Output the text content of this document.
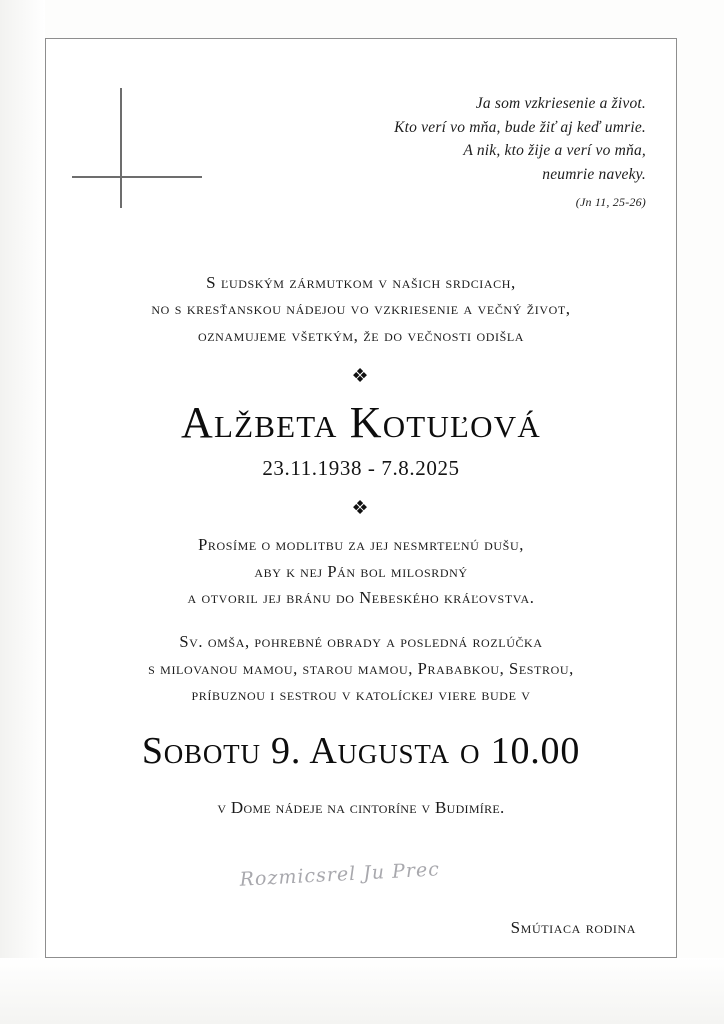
Ja som vzkriesenie a život.
Kto verí vo mňa, bude žiť aj keď umrie.
A nik, kto žije a verí vo mňa,
neumrie naveky.
(Jn 11, 25-26)
S ľudským zármutkom v našich srdciach,
no s kresťanskou nádejou vo vzkriesenie a večný život,
oznamujeme všetkým, že do večnosti odišla
❖
Alžbeta Kotuľová
23.11.1938 - 7.8.2025
❖
Prosíme o modlitbu za jej nesmrteľnú dušu,
aby k nej Pán bol milosrdný
a otvoril jej bránu do Nebeského kráľovstva.
Sv. omša, pohrebné obrady a posledná rozlúčka
s milovanou mamou, starou mamou, Prababkou, Sestrou,
príbuznou i sestrou v katolíckej viere bude v
Sobotu 9. Augusta o 10.00
v Dome nádeje na cintoríne v Budimíre.
Rozmicsrel Ju Prec
Smútiaca rodina
